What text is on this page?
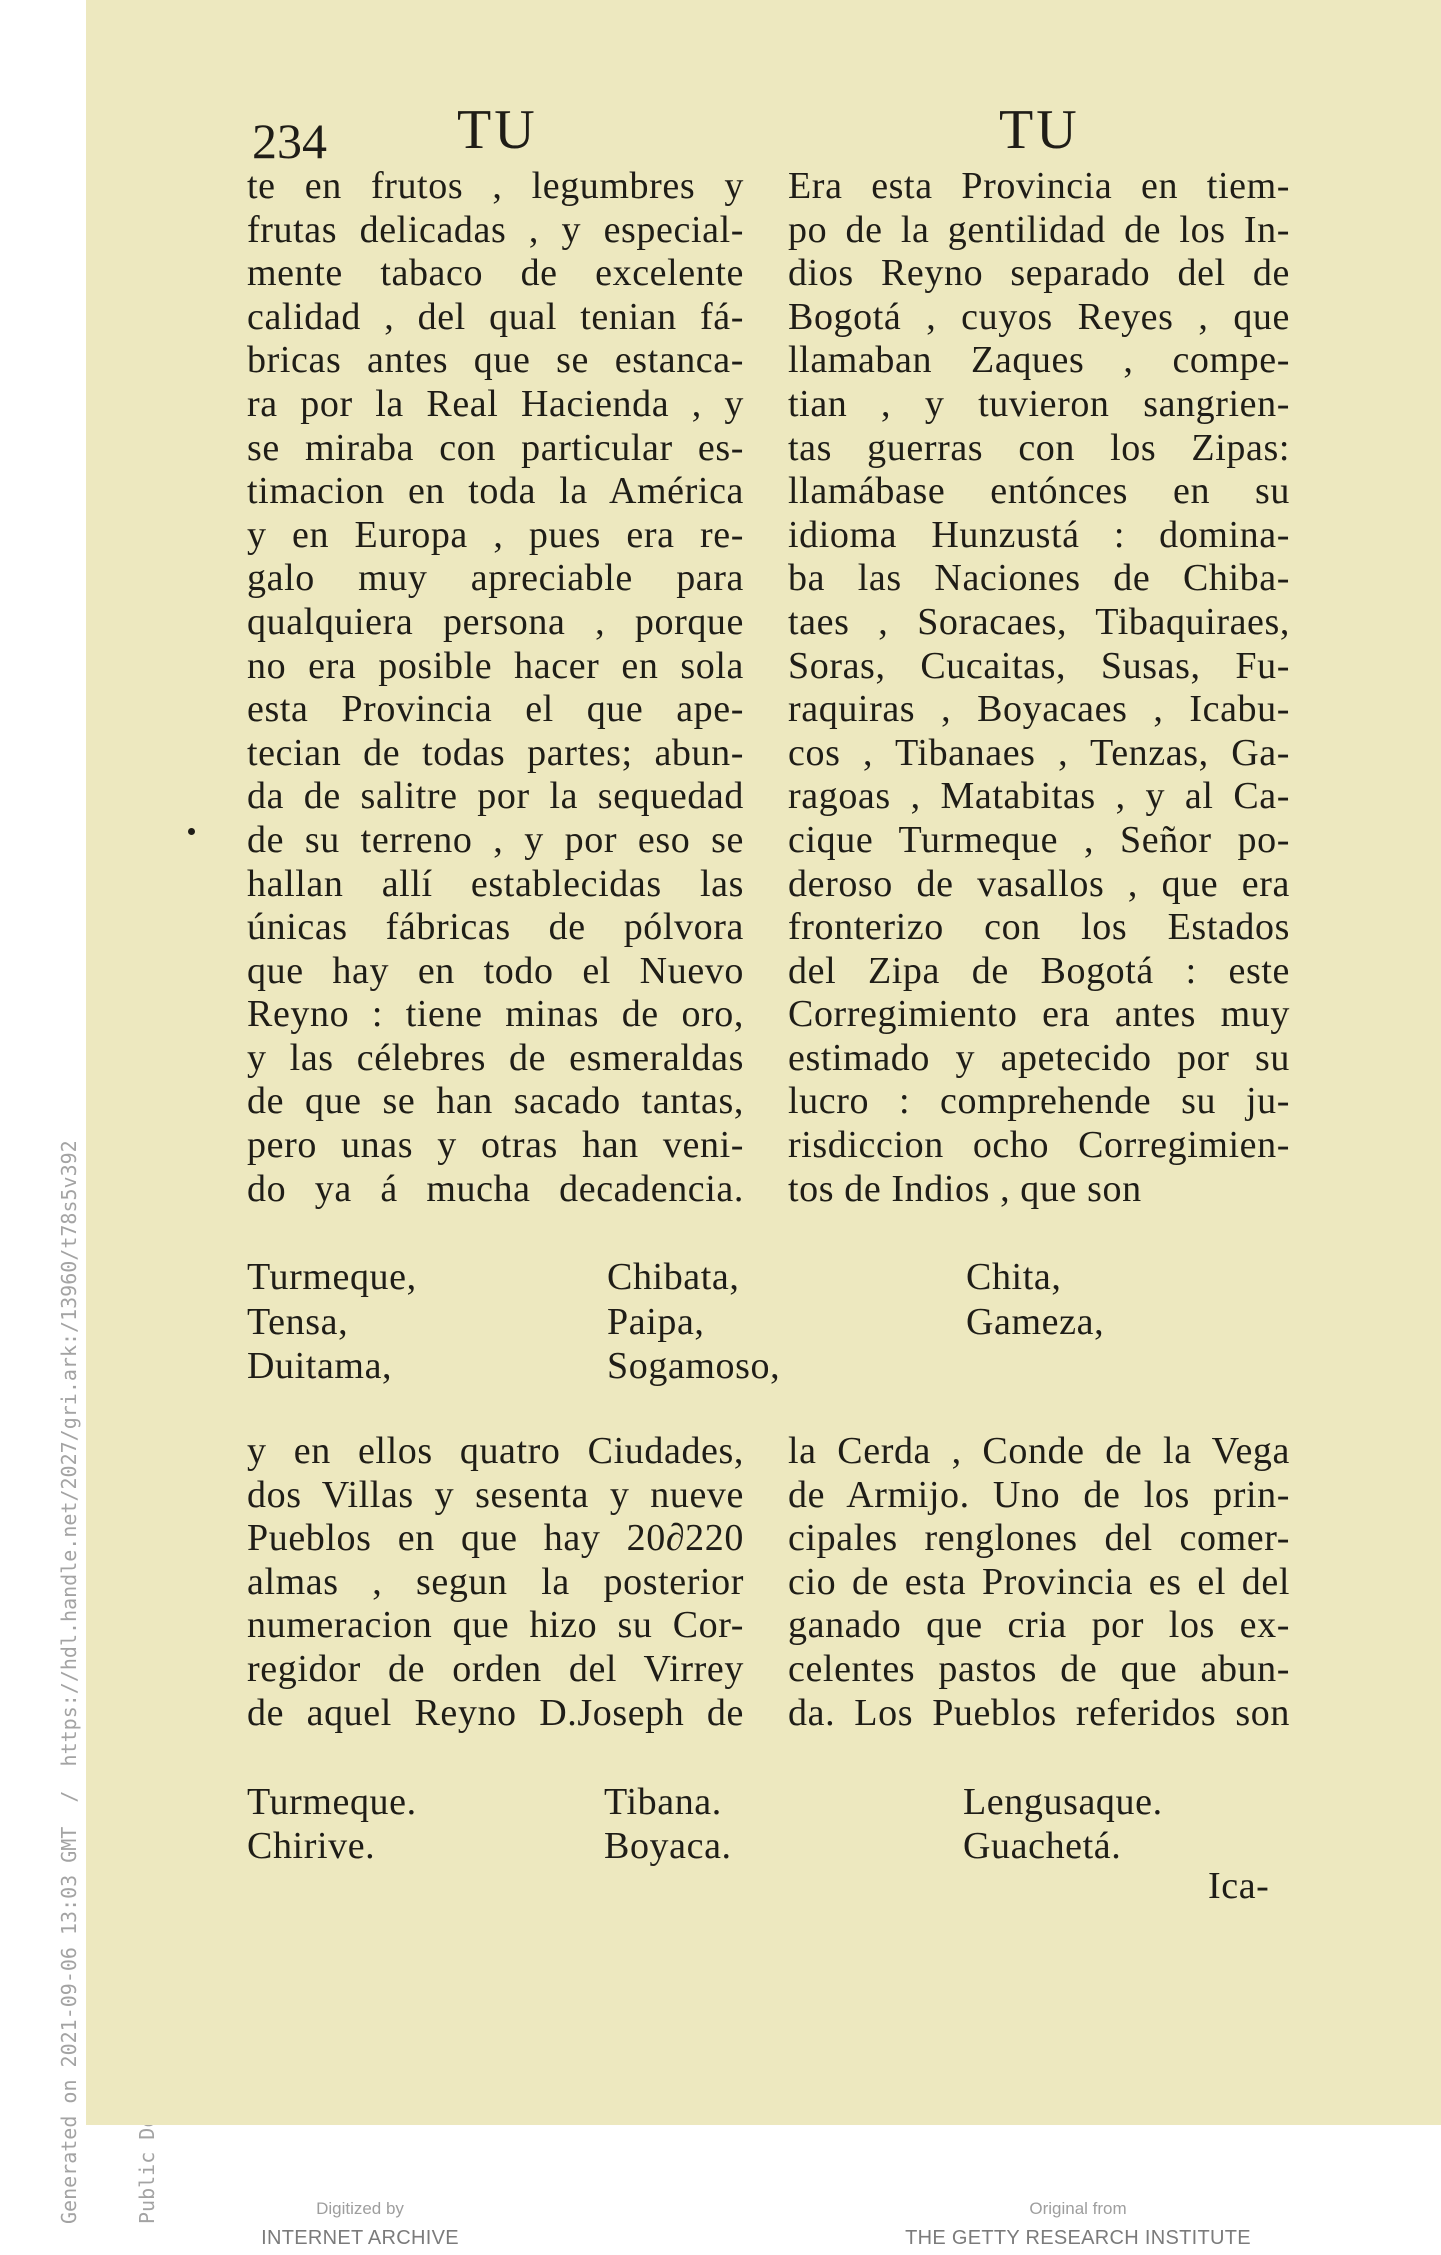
Generated on 2021-09-06 13:03 GMT  /  https://hdl.handle.net/2027/gri.ark:/13960/t78s5v392

234 TU	TU
te en frutos , legumbres y
frutas delicadas , y especial-
mente tabaco de excelente
calidad , del qual tenian fá-
bricas antes que se estanca-
ra por la Real Hacienda , y
se miraba con particular es-
timacion en toda la América
y en Europa , pues era re-
galo muy apreciable para
qualquiera persona , porque
no era posible hacer en sola
esta Provincia el que ape-
tecian de todas partes; abun-
da de salitre por la sequedad
de su terreno , y por eso se
hallan allí establecidas las
únicas fábricas de pólvora
que hay en todo el Nuevo
Reyno : tiene minas de oro,
y las célebres de esmeraldas
de que se han sacado tantas,
pero unas y otras han veni-
do ya á mucha decadencia.
Era esta Provincia en tiem-
po de la gentilidad de los In-
dios Reyno separado del de
Bogotá , cuyos Reyes , que
llamaban Zaques , compe-
tian , y tuvieron sangrien-
tas guerras con los Zipas:
llamábase entónces en su
idioma Hunzustá : domina-
ba las Naciones de Chiba-
taes , Soracaes, Tibaquiraes,
Soras, Cucaitas, Susas, Fu-
raquiras , Boyacaes , Icabu-
cos , Tibanaes , Tenzas, Ga-
ragoas , Matabitas , y al Ca-
cique Turmeque , Señor po-
deroso de vasallos , que era
fronterizo con los Estados
del Zipa de Bogotá : este
Corregimiento era antes muy
estimado y apetecido por su
lucro : comprehende su ju-
risdiccion ocho Corregimien-
tos de Indios , que son
Turmeque,
Tensa,
Duitama,
Chibata,
Paipa,
Sogamoso,
Chita,
Gameza,
y en ellos quatro Ciudades,
dos Villas y sesenta y nueve
Pueblos en que hay 20∂220
almas , segun la posterior
numeracion que hizo su Cor-
regidor de orden del Virrey
de aquel Reyno D.Joseph de
la Cerda , Conde de la Vega
de Armijo. Uno de los prin-
cipales renglones del comer-
cio de esta Provincia es el del
ganado que cria por los ex-
celentes pastos de que abun-
da. Los Pueblos referidos son
Turmeque.
Chirive.
Tibana.
Boyaca.
Lengusaque.
Guachetá.
Ica-
Digitized by
INTERNET ARCHIVE
Original from
THE GETTY RESEARCH INSTITUTE
